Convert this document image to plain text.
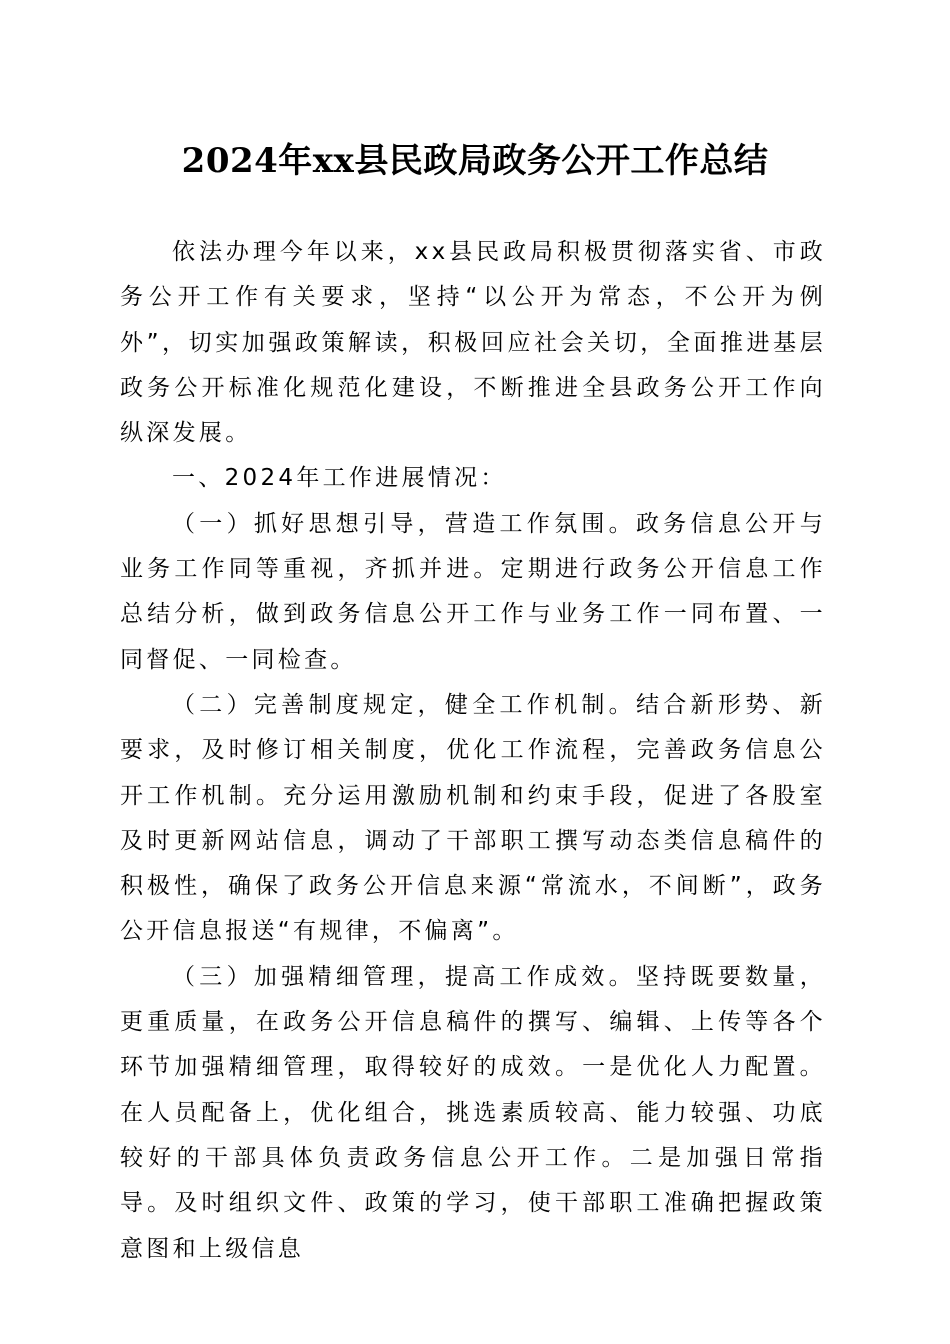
2024年xx县民政局政务公开工作总结

依法办理今年以来，xx县民政局积极贯彻落实省、市政务公开工作有关要求，坚持“以公开为常态，不公开为例外”，切实加强政策解读，积极回应社会关切，全面推进基层政务公开标准化规范化建设，不断推进全县政务公开工作向纵深发展。

一、2024年工作进展情况：

（一）抓好思想引导，营造工作氛围。政务信息公开与业务工作同等重视，齐抓并进。定期进行政务公开信息工作总结分析，做到政务信息公开工作与业务工作一同布置、一同督促、一同检查。

（二）完善制度规定，健全工作机制。结合新形势、新要求，及时修订相关制度，优化工作流程，完善政务信息公开工作机制。充分运用激励机制和约束手段，促进了各股室及时更新网站信息，调动了干部职工撰写动态类信息稿件的积极性，确保了政务公开信息来源“常流水，不间断”，政务公开信息报送“有规律，不偏离”。

（三）加强精细管理，提高工作成效。坚持既要数量，更重质量，在政务公开信息稿件的撰写、编辑、上传等各个环节加强精细管理，取得较好的成效。一是优化人力配置。在人员配备上，优化组合，挑选素质较高、能力较强、功底较好的干部具体负责政务信息公开工作。二是加强日常指导。及时组织文件、政策的学习，使干部职工准确把握政策意图和上级信息
